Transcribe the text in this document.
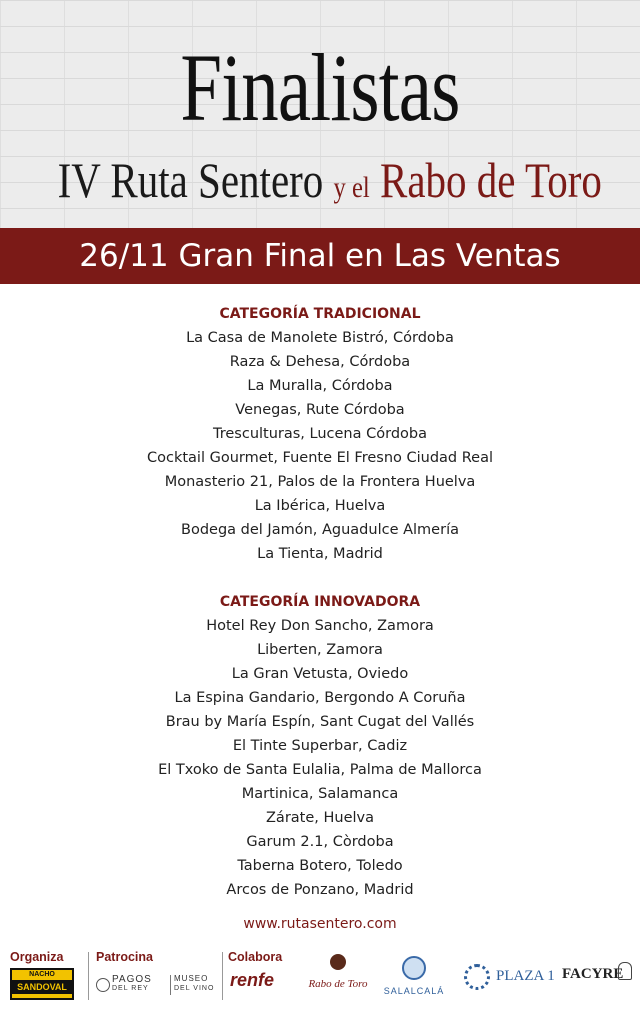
Finalistas
IV Ruta Sentero y el Rabo de Toro
26/11 Gran Final en Las Ventas
CATEGORÍA TRADICIONAL
La Casa de Manolete Bistró, Córdoba
Raza & Dehesa, Córdoba
La Muralla, Córdoba
Venegas, Rute Córdoba
Tresculturas, Lucena Córdoba
Cocktail Gourmet, Fuente El Fresno Ciudad Real
Monasterio 21, Palos de la Frontera Huelva
La Ibérica, Huelva
Bodega del Jamón, Aguadulce Almería
La Tienta, Madrid
CATEGORÍA INNOVADORA
Hotel Rey Don Sancho, Zamora
Liberten, Zamora
La Gran Vetusta, Oviedo
La Espina Gandario, Bergondo A Coruña
Brau by María Espín, Sant Cugat del Vallés
El Tinte Superbar, Cadiz
El Txoko de Santa Eulalia, Palma de Mallorca
Martinica, Salamanca
Zárate, Huelva
Garum 2.1, Còrdoba
Taberna Botero, Toledo
Arcos de Ponzano, Madrid
www.rutasentero.com
Organiza
NACHO
SANDOVAL
Patrocina
PAGOS
DEL REY
MUSEO
DEL VINO
Colabora
renfe	Rabo de Toro
SALALCALÁ
PLAZA 1 FACYRE
